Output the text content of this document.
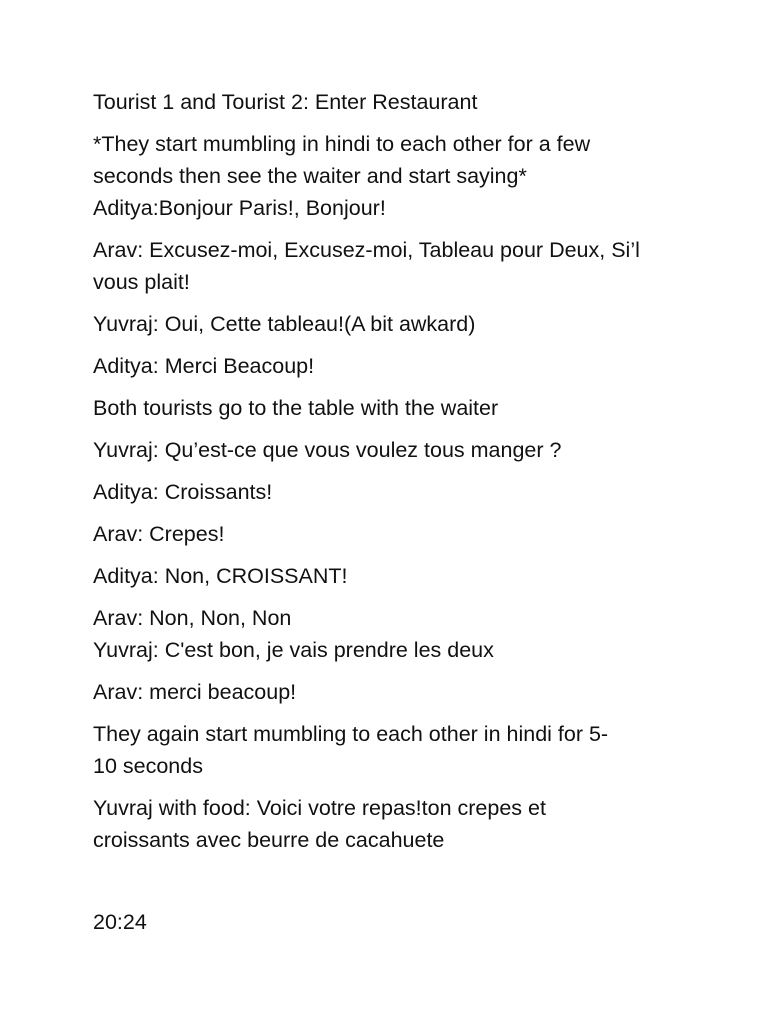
Tourist 1 and Tourist 2: Enter Restaurant

*They start mumbling in hindi to each other for a few
seconds then see the waiter and start saying*
Aditya:Bonjour Paris!, Bonjour!

Arav: Excusez-moi, Excusez-moi, Tableau pour Deux, Si’l
vous plait!

Yuvraj: Oui, Cette tableau!(A bit awkard)

Aditya: Merci Beacoup!

Both tourists go to the table with the waiter

Yuvraj: Qu’est-ce que vous voulez tous manger ?

Aditya: Croissants!

Arav: Crepes!

Aditya: Non, CROISSANT!

Arav: Non, Non, Non
Yuvraj: C'est bon, je vais prendre les deux

Arav: merci beacoup!

They again start mumbling to each other in hindi for 5-
10 seconds

Yuvraj with food: Voici votre repas!ton crepes et
croissants avec beurre de cacahuete

20:24
